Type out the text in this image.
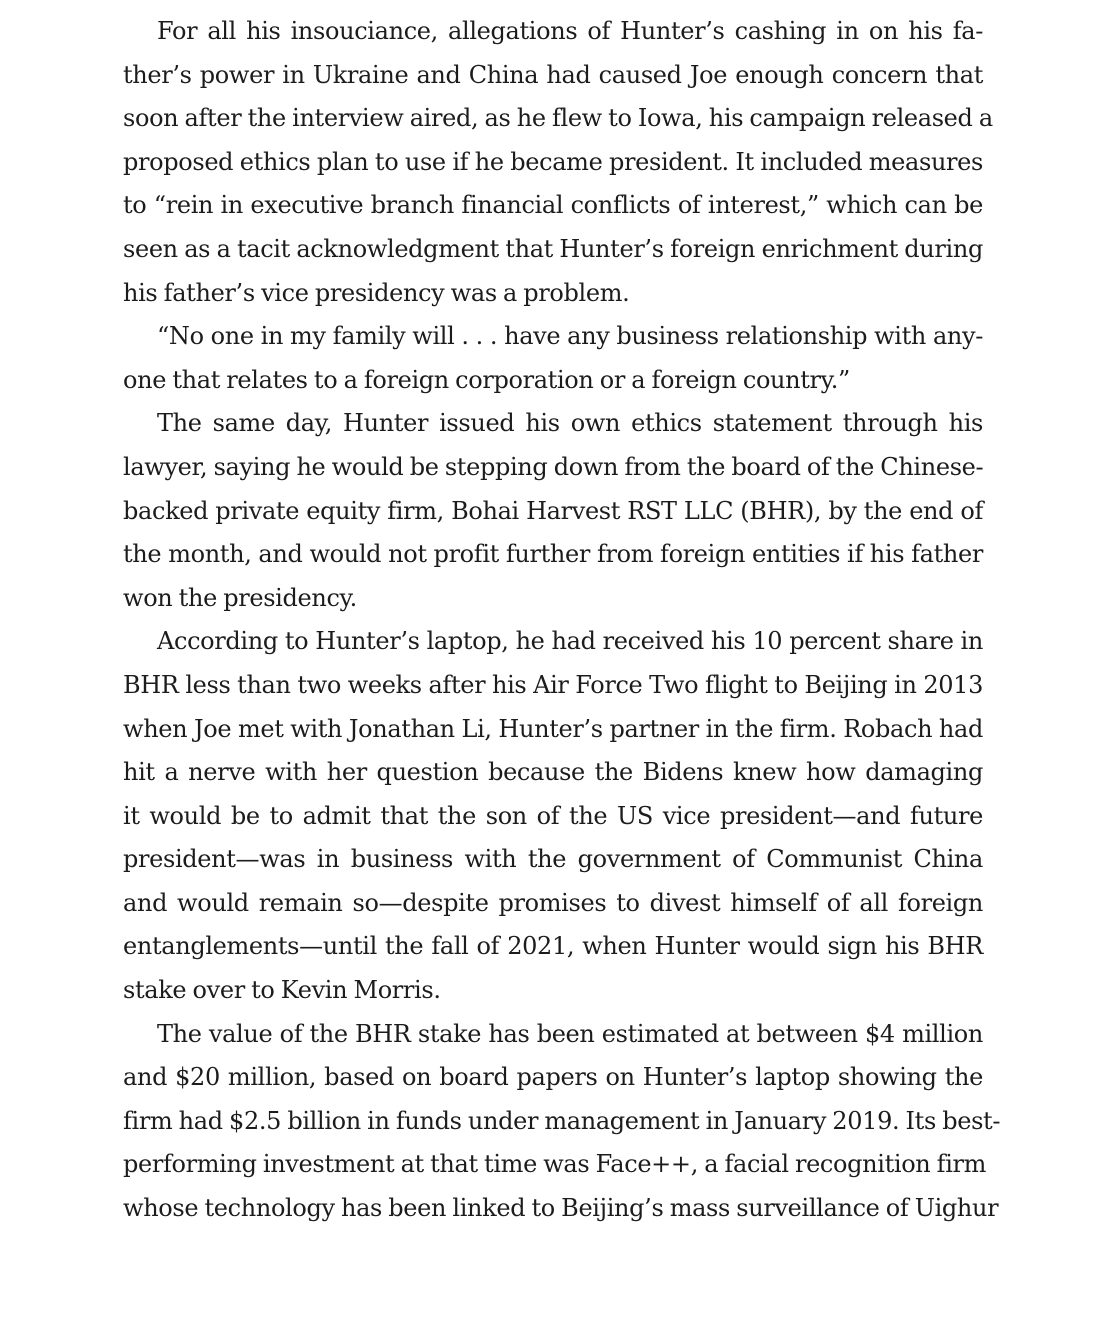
For all his insouciance, allegations of Hunter’s cashing in on his fa-
ther’s power in Ukraine and China had caused Joe enough concern that
soon after the interview aired, as he flew to Iowa, his campaign released a
proposed ethics plan to use if he became president. It included measures
to “rein in executive branch financial conflicts of interest,” which can be
seen as a tacit acknowledgment that Hunter’s foreign enrichment during
his father’s vice presidency was a problem.
“No one in my family will . . . have any business relationship with any-
one that relates to a foreign corporation or a foreign country.”
The same day, Hunter issued his own ethics statement through his
lawyer, saying he would be stepping down from the board of the Chinese-
backed private equity firm, Bohai Harvest RST LLC (BHR), by the end of
the month, and would not profit further from foreign entities if his father
won the presidency.
According to Hunter’s laptop, he had received his 10 percent share in
BHR less than two weeks after his Air Force Two flight to Beijing in 2013
when Joe met with Jonathan Li, Hunter’s partner in the firm. Robach had
hit a nerve with her question because the Bidens knew how damaging
it would be to admit that the son of the US vice president—and future
president—was in business with the government of Communist China
and would remain so—despite promises to divest himself of all foreign
entanglements—until the fall of 2021, when Hunter would sign his BHR
stake over to Kevin Morris.
The value of the BHR stake has been estimated at between $4 million
and $20 million, based on board papers on Hunter’s laptop showing the
firm had $2.5 billion in funds under management in January 2019. Its best-
performing investment at that time was Face++, a facial recognition firm
whose technology has been linked to Beijing’s mass surveillance of Uighur
